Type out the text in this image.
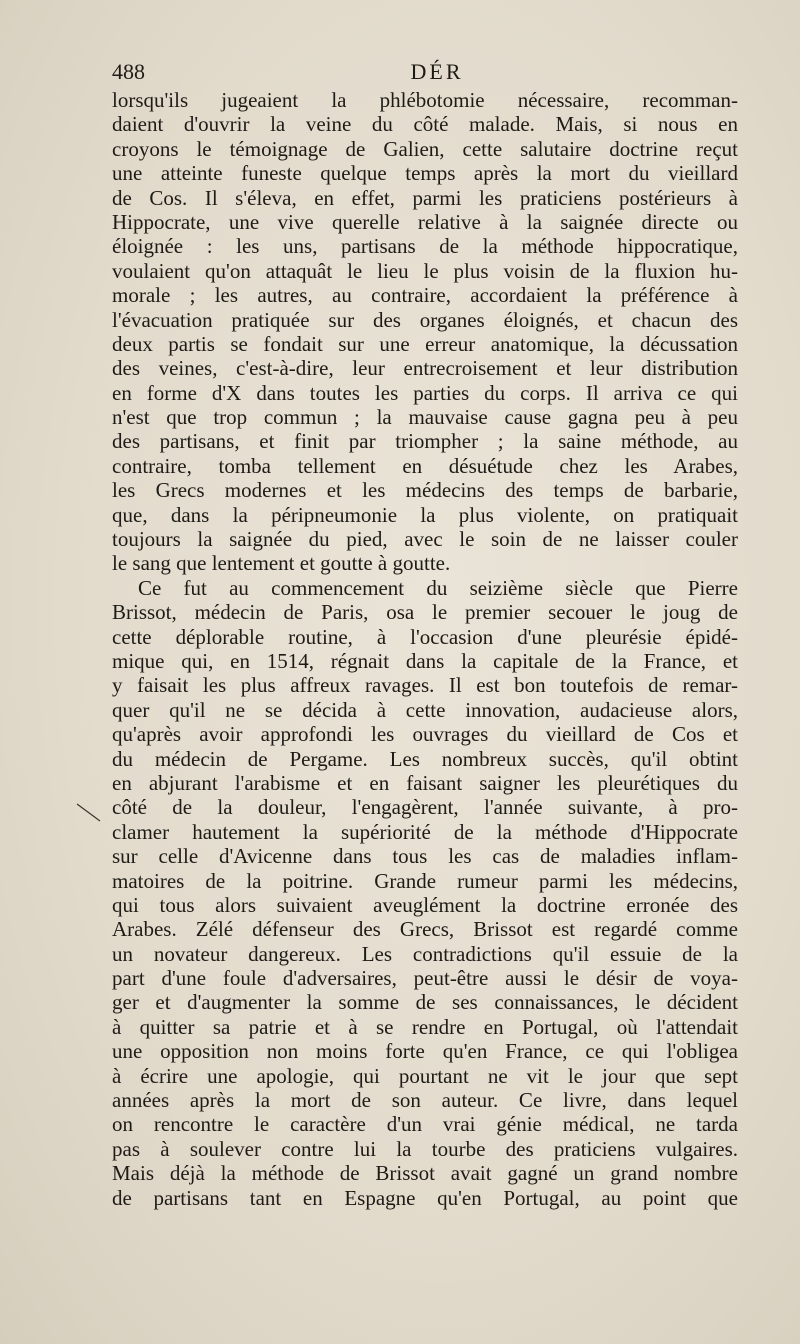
488	DÉR
lorsqu'ils jugeaient la phlébotomie nécessaire, recomman-
daient d'ouvrir la veine du côté malade. Mais, si nous en
croyons le témoignage de Galien, cette salutaire doctrine reçut
une atteinte funeste quelque temps après la mort du vieillard
de Cos. Il s'éleva, en effet, parmi les praticiens postérieurs à
Hippocrate, une vive querelle relative à la saignée directe ou
éloignée : les uns, partisans de la méthode hippocratique,
voulaient qu'on attaquât le lieu le plus voisin de la fluxion hu-
morale ; les autres, au contraire, accordaient la préférence à
l'évacuation pratiquée sur des organes éloignés, et chacun des
deux partis se fondait sur une erreur anatomique, la décussation
des veines, c'est-à-dire, leur entrecroisement et leur distribution
en forme d'X dans toutes les parties du corps. Il arriva ce qui
n'est que trop commun ; la mauvaise cause gagna peu à peu
des partisans, et finit par triompher ; la saine méthode, au
contraire, tomba tellement en désuétude chez les Arabes,
les Grecs modernes et les médecins des temps de barbarie,
que, dans la péripneumonie la plus violente, on pratiquait
toujours la saignée du pied, avec le soin de ne laisser couler
le sang que lentement et goutte à goutte.
Ce fut au commencement du seizième siècle que Pierre
Brissot, médecin de Paris, osa le premier secouer le joug de
cette déplorable routine, à l'occasion d'une pleurésie épidé-
mique qui, en 1514, régnait dans la capitale de la France, et
y faisait les plus affreux ravages. Il est bon toutefois de remar-
quer qu'il ne se décida à cette innovation, audacieuse alors,
qu'après avoir approfondi les ouvrages du vieillard de Cos et
du médecin de Pergame. Les nombreux succès, qu'il obtint
en abjurant l'arabisme et en faisant saigner les pleurétiques du
côté de la douleur, l'engagèrent, l'année suivante, à pro-
clamer hautement la supériorité de la méthode d'Hippocrate
sur celle d'Avicenne dans tous les cas de maladies inflam-
matoires de la poitrine. Grande rumeur parmi les médecins,
qui tous alors suivaient aveuglément la doctrine erronée des
Arabes. Zélé défenseur des Grecs, Brissot est regardé comme
un novateur dangereux. Les contradictions qu'il essuie de la
part d'une foule d'adversaires, peut-être aussi le désir de voya-
ger et d'augmenter la somme de ses connaissances, le décident
à quitter sa patrie et à se rendre en Portugal, où l'attendait
une opposition non moins forte qu'en France, ce qui l'obligea
à écrire une apologie, qui pourtant ne vit le jour que sept
années après la mort de son auteur. Ce livre, dans lequel
on rencontre le caractère d'un vrai génie médical, ne tarda
pas à soulever contre lui la tourbe des praticiens vulgaires.
Mais déjà la méthode de Brissot avait gagné un grand nombre
de partisans tant en Espagne qu'en Portugal, au point que
